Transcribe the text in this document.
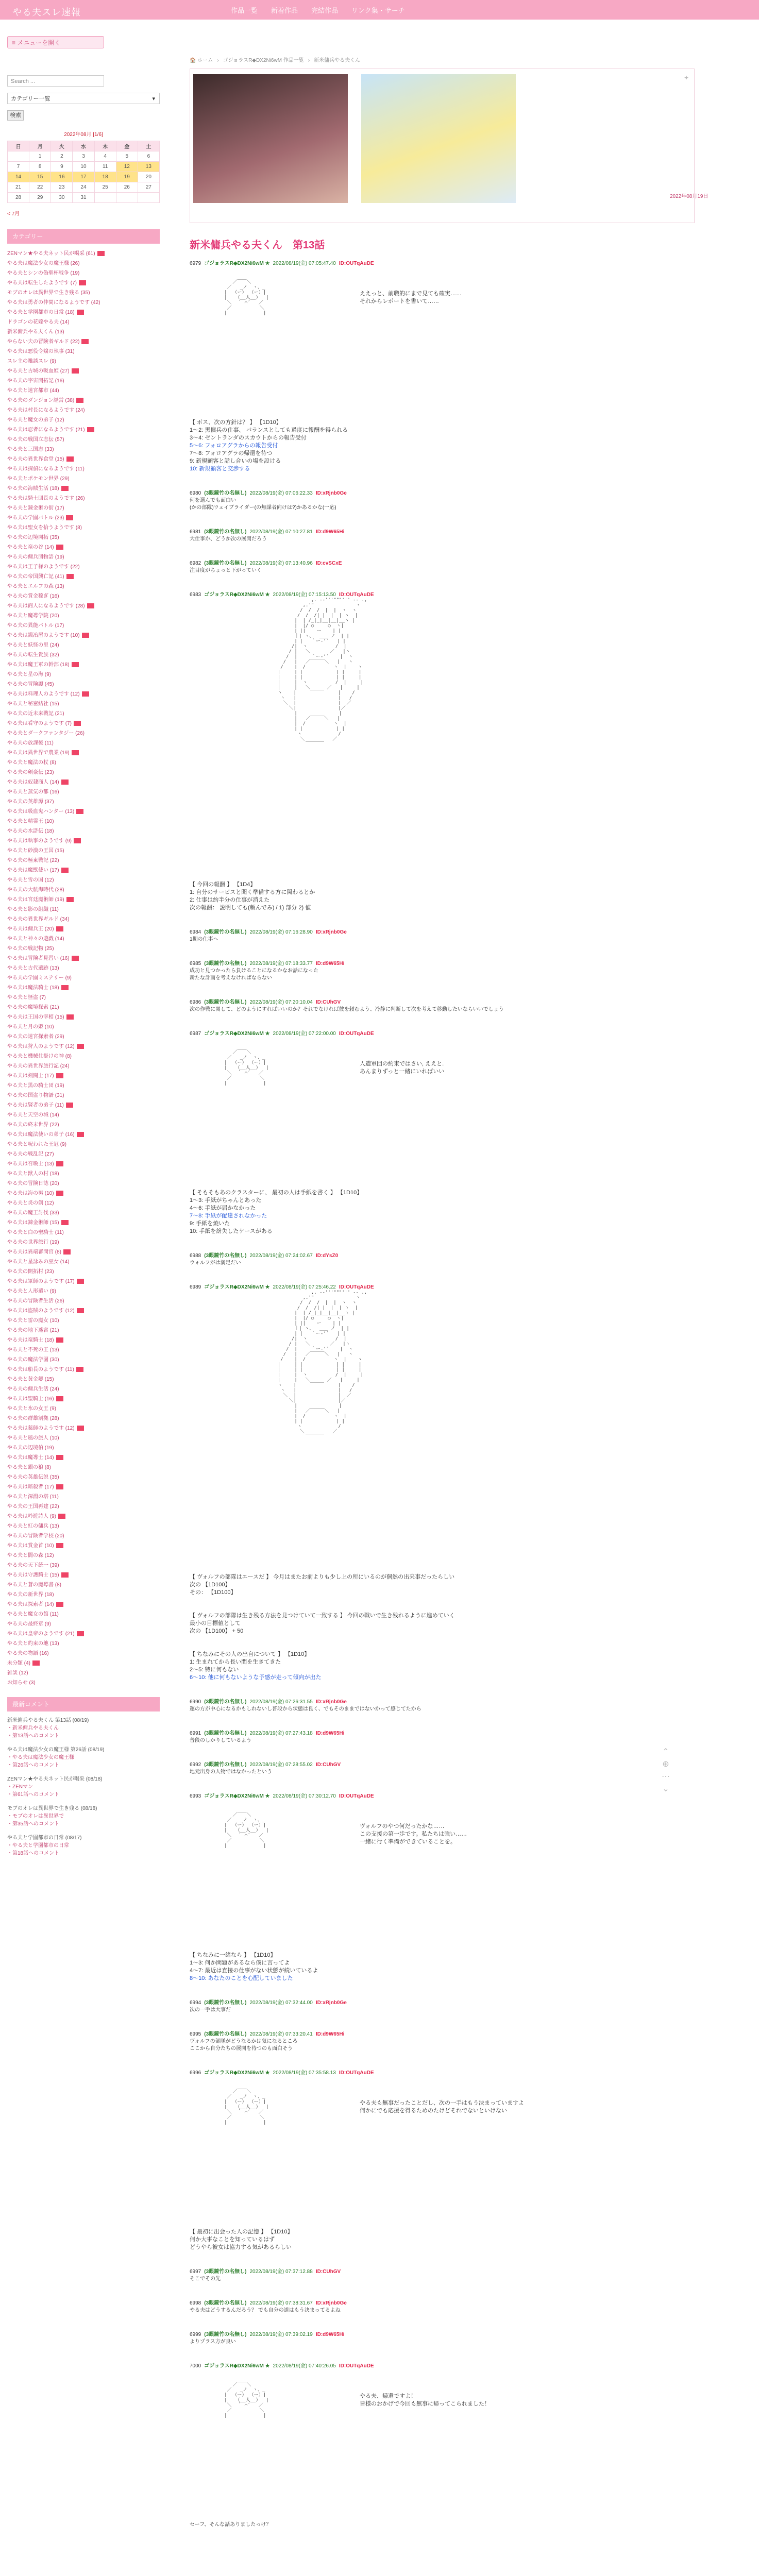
やる夫スレ速報	作品一覧 新着作品 完結作品 リンク集・サーチ
≡ メニューを開く
Search ...
カテゴリー一覧 ▾
検索
2022年08月 [1/6]
日	月	火	水	木	金	土
	1	2	3	4	5	6
7	8	9	10	11	12	13
14	15	16	17	18	19	20
21	22	23	24	25	26	27
28	29	30	31			
< 7月
カテゴリー
ZENマン★やる夫ネット民が喝采 (61)
やる夫は魔法少女の魔王様 (26)
やる夫とシンの偽聖杯戦争 (19)
やる夫は転生したようです (7)
モブのオレは異世界で生き残る (35)
やる夫は勇者の仲間になるようです (42)
やる夫と学園都市の日常 (18)
ドラゴンの花嫁やる夫 (14)
新米傭兵やる夫くん (13)
やらない夫の冒険者ギルド (22)
やる夫は悪役令嬢の執事 (31)
スレ主の雑談スレ (9)
やる夫と古城の吸血姫 (27)
やる夫の宇宙開拓記 (16)
やる夫と迷宮都市 (44)
やる夫のダンジョン経営 (38)
やる夫は村長になるようです (24)
やる夫と魔女の弟子 (12)
やる夫は忍者になるようです (21)
やる夫の戦国立志伝 (57)
やる夫と三国志 (33)
やる夫の異世界食堂 (15)
やる夫は探偵になるようです (11)
やる夫とポケモン世界 (29)
やる夫の海賊生活 (18)
やる夫は騎士団長のようです (26)
やる夫と錬金術の街 (17)
やる夫の学園バトル (23)
やる夫は聖女を拾うようです (8)
やる夫の辺境開拓 (35)
やる夫と竜の谷 (14)
やる夫の傭兵団物語 (19)
やる夫は王子様のようです (22)
やる夫の帝国興亡記 (41)
やる夫とエルフの森 (13)
やる夫の賞金稼ぎ (16)
やる夫は商人になるようです (28)
やる夫と魔導学院 (20)
やる夫の異能バトル (17)
やる夫は鍛冶屋のようです (10)
やる夫と妖怪の里 (24)
やる夫の転生貴族 (32)
やる夫は魔王軍の幹部 (18)
やる夫と星の海 (9)
やる夫の冒険譚 (45)
やる夫は料理人のようです (12)
やる夫と秘密結社 (15)
やる夫の近未来戦記 (21)
やる夫は看守のようです (7)
やる夫とダークファンタジー (26)
やる夫の放課後 (11)
やる夫は異世界で農業 (19)
やる夫と魔法の杖 (8)
やる夫の剣豪伝 (23)
やる夫は奴隷商人 (14)
やる夫と蒸気の都 (16)
やる夫の英雄譚 (37)
やる夫は吸血鬼ハンター (13)
やる夫と精霊王 (10)
やる夫の水滸伝 (18)
やる夫は執事のようです (9)
やる夫と砂漠の王国 (15)
やる夫の極東戦記 (22)
やる夫は魔獣使い (17)
やる夫と雪の国 (12)
やる夫の大航海時代 (28)
やる夫は宮廷魔術師 (19)
やる夫と影の組織 (11)
やる夫の異世界ギルド (34)
やる夫は傭兵王 (20)
やる夫と神々の遊戯 (14)
やる夫の戦記物 (25)
やる夫は冒険者見習い (16)
やる夫と古代遺跡 (13)
やる夫の学園ミステリー (9)
やる夫は魔法騎士 (18)
やる夫と怪盗 (7)
やる夫の魔境探索 (21)
やる夫は王国の宰相 (15)
やる夫と月の姫 (10)
やる夫の迷宮探索者 (29)
やる夫は狩人のようです (12)
やる夫と機械仕掛けの神 (8)
やる夫の異世界旅行記 (24)
やる夫は剣闘士 (17)
やる夫と黒の騎士団 (19)
やる夫の国盗り物語 (31)
やる夫は賢者の弟子 (11)
やる夫と天空の城 (14)
やる夫の終末世界 (22)
やる夫は魔法使いの弟子 (16)
やる夫と呪われた王冠 (9)
やる夫の戦乱記 (27)
やる夫は召喚士 (13)
やる夫と獣人の村 (18)
やる夫の冒険日誌 (20)
やる夫は海の男 (10)
やる夫と炎の剣 (12)
やる夫の魔王討伐 (33)
やる夫は錬金術師 (15)
やる夫と白の聖騎士 (11)
やる夫の世界旅行 (19)
やる夫は異端審問官 (8)
やる夫と星詠みの巫女 (14)
やる夫の開拓村 (23)
やる夫は軍師のようです (17)
やる夫と人形遣い (9)
やる夫の冒険者生活 (26)
やる夫は盗賊のようです (12)
やる夫と雷の魔女 (10)
やる夫の地下迷宮 (21)
やる夫は竜騎士 (18)
やる夫と不死の王 (13)
やる夫の魔法学園 (30)
やる夫は船長のようです (11)
やる夫と黄金郷 (15)
やる夫の傭兵生活 (24)
やる夫は聖騎士 (16)
やる夫と氷の女王 (9)
やる夫の群雄割拠 (28)
やる夫は薬師のようです (12)
やる夫と風の旅人 (10)
やる夫の辺境伯 (19)
やる夫は魔導士 (14)
やる夫と銀の狼 (8)
やる夫の英雄伝説 (35)
やる夫は暗殺者 (17)
やる夫と深淵の塔 (11)
やる夫の王国再建 (22)
やる夫は吟遊詩人 (9)
やる夫と紅の傭兵 (13)
やる夫の冒険者学校 (20)
やる夫は賞金首 (10)
やる夫と闇の森 (12)
やる夫の天下統一 (39)
やる夫は守護騎士 (15)
やる夫と蒼の魔導書 (8)
やる夫の新世界 (18)
やる夫は探索者 (14)
やる夫と魔女の館 (11)
やる夫の最終章 (9)
やる夫は皇帝のようです (21)
やる夫と約束の地 (13)
やる夫の物語 (16)
未分類 (4)
雑談 (12)
お知らせ (3)
最新コメント
新米傭兵やる夫くん 第13話 (08/19)
・新米傭兵やる夫くん
・第13話へのコメント
やる夫は魔法少女の魔王様 第26話 (08/19)
・やる夫は魔法少女の魔王様
・第26話へのコメント
ZENマン★やる夫ネット民が喝采 (08/18)
・ZENマン
・第61話へのコメント
モブのオレは異世界で生き残る (08/18)
・モブのオレは異世界で
・第35話へのコメント
やる夫と学園都市の日常 (08/17)
・やる夫と学園都市の日常
・第18話へのコメント
🏠 ホーム › ゴジョラスR◆DX2Ni6wM 作品一覧 › 新米傭兵やる夫くん
✦
新米傭兵やる夫くん　第13話
6979 ゴジョラスR◆DX2Ni6wM ★ 2022/08/19(金) 07:05:47.40 ID:OUTqAuDE
／￣￣＼
／   _ノ  ヽ、_
|  （ー） （ー）|
|   （__人__）  |
＼  ｀ ⌒´   ／
／          ＼
|             |
ええっと、前職的にまで見ても確実……
それからレポートを書いて……
【 ボス、次の方針は？ 】 【1D10】
1～2: 黒傭兵の仕事、 バランスとしても過度に報酬を得られる
3～4: ゼントランダのスカウトからの報告受付
5～6: フォロアグラからの報告受付
7～8: フォロアグラの帰還を待つ
9: 新規顧客と話し合いの場を設ける
10: 新規顧客と交渉する
6980 (3眼鏡竹の名無し) 2022/08/19(金) 07:06:22.33 ID:xRjnb0Ge
何を選んでも面白い
(かの部隊)ウェイブライダー(の無謀者向けは?)かあるかな(一応)
6981 (3眼鏡竹の名無し) 2022/08/19(金) 07:10:27.81 ID:d9W65Hi
大仕事か、どうか次の展開だろう
6982 (3眼鏡竹の名無し) 2022/08/19(金) 07:13:40.96 ID:cvSCxE
注目度がちょっと下がっていく
6983 ゴジョラスR◆DX2Ni6wM ★ 2022/08/19(金) 07:15:13.50 ID:OUTqAuDE
,. -‐'''"""''' ‐- .,
,.'"               ヽ
/  /  /  |  |  ヽ  ヽ
/  /  /| |  |  | ヽ  |
|  | /_|_|__|__|__ヽ |
|  |/ ○     ○  ヽ|
| ||    ー    | |
｜| ヽ、  ___ ノ  | |
| |   ｀ー‐'´   | |
/|  ヽ          /  |
/ |   ＼       ／   |ヽ
/  |     ｀ー‐'´    |  ヽ
/   |   ／￣￣￣＼   |   ヽ
/    |  /          ヽ  |    ヽ
|     | |            | |     |
|     | |            | |     |
|     |  ヽ          /  |     |
|     |   ＼      ／   |     |
ヽ    |     ￣￣￣     |    /
ヽ   |               |   /
＼  |               |  ／
＼|               |／
|               |
|   ／￣￣￣＼   |
|  /          ヽ  |
| |            | |
ヽ             /
＼          ／
￣￣￣￣
【 今回の報酬 】 【1D4】
1: 自分のサービスと聞く準備する方に関わるとか
2: 仕事は約半分の仕事が消えた
次の報酬： 説明しても(頼んでみ) / 1) 部分 2) 値
6984 (3眼鏡竹の名無し) 2022/08/19(金) 07:16:28.90 ID:xRjnb0Ge
1期の仕事へ
6985 (3眼鏡竹の名無し) 2022/08/19(金) 07:18:33.77 ID:d9W65Hi
成功と見つかったら負けることになるかなお話になった
新たな計画を考えなければならない
6986 (3眼鏡竹の名無し) 2022/08/19(金) 07:20:10.04 ID:CUhGV
次の作戦に関して、どのようにすればいいのか？それでなければ彼を頼むよう、冷静に判断して次を考えて移動したいならいいでしょう
6987 ゴジョラスR◆DX2Ni6wM ★ 2022/08/19(金) 07:22:00.00 ID:OUTqAuDE
／￣￣＼
／   _ノ  ヽ、_
|  （ー） （ー）|
|   （__人__）  |
＼  ｀ ⌒´   ／
／          ＼
|             |
人造軍団の約束ではさい, ええと.
あんまりずっと一緒にいればいい
【 そもそもあのクラスターに、 最初の人は手紙を書く 】 【1D10】
1～3: 手紙がちゃんとあった
4～6: 手紙が届かなかった
7～8: 手紙が配達されなかった
9: 手紙を焼いた
10: 手紙を紛失したケースがある
6988 (3眼鏡竹の名無し) 2022/08/19(金) 07:24:02.67 ID:dYsZ0
ウォルフがは満足だい
6989 ゴジョラスR◆DX2Ni6wM ★ 2022/08/19(金) 07:25:46.22 ID:OUTqAuDE
,. -‐'''"""''' ‐- .,
,.'"               ヽ
/  /  /  |  |  ヽ  ヽ
/  /  /| |  |  | ヽ  |
|  | /_|_|__|__|__ヽ |
|  |/ ○     ○  ヽ|
| ||    ー    | |
｜| ヽ、  ___ ノ  | |
| |   ｀ー‐'´   | |
/|  ヽ          /  |
/ |   ＼       ／   |ヽ
/  |     ｀ー‐'´    |  ヽ
/   |   ／￣￣￣＼   |   ヽ
/    |  /          ヽ  |    ヽ
|     | |            | |     |
|     | |            | |     |
|     |  ヽ          /  |     |
|     |   ＼      ／   |     |
ヽ    |     ￣￣￣     |    /
ヽ   |               |   /
＼  |               |  ／
＼|               |／
|               |
|   ／￣￣￣＼   |
|  /          ヽ  |
| |            | |
ヽ             /
＼          ／
￣￣￣￣
【 ヴォルフの部隊はエースだ 】 今月はまたお前よりも少し上の所にいるのが偶然の出来事だったらしい
次の 【1D100】
その： 【1D100】
【 ヴォルフの部隊は生き残る方法を見つけていて一致する 】 今回の戦いで生き残れるように進めていく
最小の目標値として
次の 【1D100】 + 50
【 ちなみにその人の出自について 】 【1D10】
1: 生まれてから長い間を生きてきた
2～5: 特に何もない
6～10: 他に何もないような予感が走って傾向が出た
6990 (3眼鏡竹の名無し) 2022/08/19(金) 07:26:31.55 ID:xRjnb0Ge
運の方が中心になるかもしれないし普段から状態は良く、でもそのままではないかって感じてたから
6991 (3眼鏡竹の名無し) 2022/08/19(金) 07:27:43.18 ID:d9W65Hi
普段のしかりしているよう
6992 (3眼鏡竹の名無し) 2022/08/19(金) 07:28:55.02 ID:CUhGV
地元出身の人物ではなかったという
6993 ゴジョラスR◆DX2Ni6wM ★ 2022/08/19(金) 07:30:12.70 ID:OUTqAuDE
／￣￣＼
／   _ノ  ヽ、_
|  （ー） （ー）|
|   （__人__）  |
＼  ｀ ⌒´   ／
／          ＼
|             |
ヴォルフのやつ何だったかな……
この支援の第一歩です。私たちは強い……
一緒に行く準備ができていることを。
【 ちなみに一緒なら 】 【1D10】
1～3: 何か問題があるなら僕に言ってよ
4～7: 最近は直接の仕事がない状態が続いているよ
8～10: あなたのことを心配していました
6994 (3眼鏡竹の名無し) 2022/08/19(金) 07:32:44.00 ID:xRjnb0Ge
次の一手は大事だ
6995 (3眼鏡竹の名無し) 2022/08/19(金) 07:33:20.41 ID:d9W65Hi
ヴォルフの部隊がどうなるかは気になるところ
ここから自分たちの展開を待つのも面白そう
6996 ゴジョラスR◆DX2Ni6wM ★ 2022/08/19(金) 07:35:58.13 ID:OUTqAuDE
／￣￣＼
／   _ノ  ヽ、_
|  （ー） （ー）|
|   （__人__）  |
＼  ｀ ⌒´   ／
／          ＼
|             |
やる夫も無事だったことだし、次の一手はもう決まっていますよ
何かにでも応援を得るためのたけどそれでないといけない
【 最初に出会った人の記憶 】 【1D10】
何か大事なことを知っているはず
どうやら彼女は協力する気があるらしい
6997 (3眼鏡竹の名無し) 2022/08/19(金) 07:37:12.88 ID:CUhGV
そこでその先
6998 (3眼鏡竹の名無し) 2022/08/19(金) 07:38:31.67 ID:xRjnb0Ge
やる夫はどうするんだろう？ でも自分の道はもう決まってるよね
6999 (3眼鏡竹の名無し) 2022/08/19(金) 07:39:02.19 ID:d9W65Hi
よりプラス方が良い
7000 ゴジョラスR◆DX2Ni6wM ★ 2022/08/19(金) 07:40:26.05 ID:OUTqAuDE
／￣￣＼
／   _ノ  ヽ、_
|  （ー） （ー）|
|   （__人__）  |
＼  ｀ ⌒´   ／
／          ＼
|             |
やる夫、帰還ですよ！
皆様のおかげで今回も無事に帰ってこられました！
セーフ、そんな話ありましたっけ？
2022年08月19日
⌃
⊕
⋯
⌄
